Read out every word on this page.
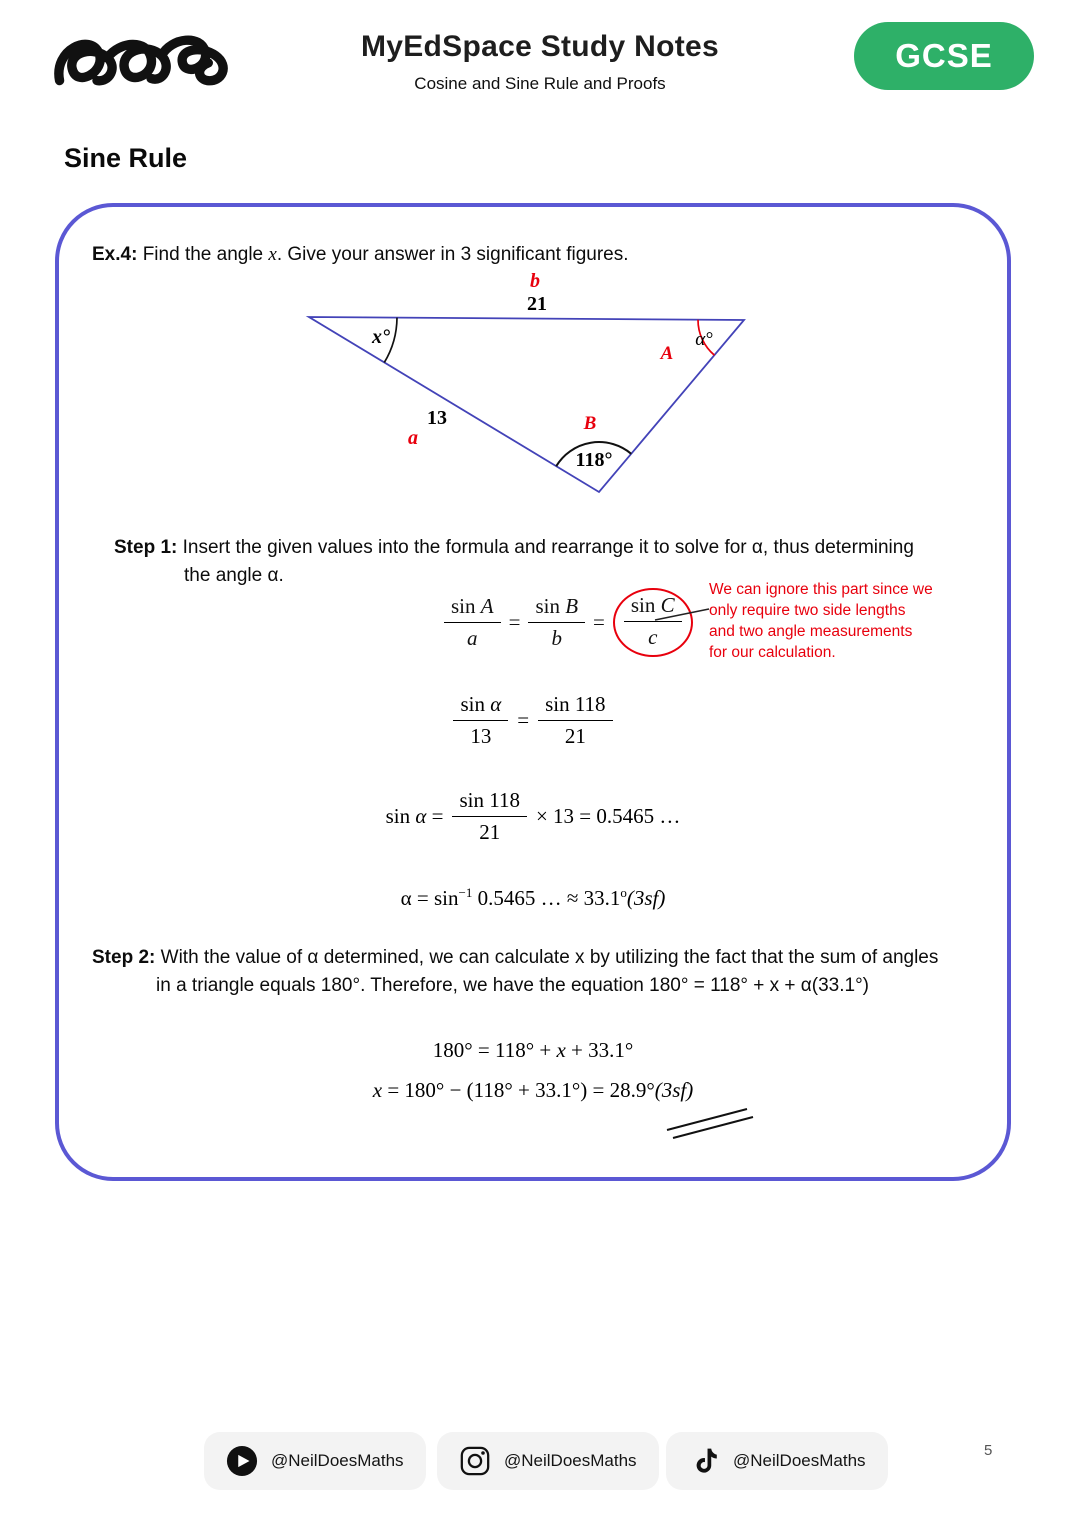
MyEdSpace Study Notes
Cosine and Sine Rule and Proofs
GCSE
Sine Rule

Ex.4: Find the angle x. Give your answer in 3 significant figures.

b
21
x°
A
α°
13
a
B
118°

Step 1: Insert the given values into the formula and rearrange it to solve for α, thus determining
the angle α.

$\frac{\text{sin A}}{a} = \frac{\text{sin B}}{b} = \frac{\text{sin C}}{c}$
We can ignore this part since we
only require two side lengths
and two angle measurements
for our calculation.
$\frac{\text{sin α}}{13} = \frac{\sin 118}{21}$
$\sin \alpha = \frac{\sin 118}{21} \times 13 = 0.5465$ …
$\alpha = \sin^{-1} 0.5465$ … ≈ $33.1^o(3sf)$

Step 2: With the value of α determined, we can calculate x by utilizing the fact that the sum of angles
in a triangle equals 180°. Therefore, we have the equation 180° = 118° + x + α(33.1°)

180° = 118° + x + 33.1°
x = 180° − (118° + 33.1°) = 28.9°(3sf)
@NeilDoesMaths	@NeilDoesMaths	@NeilDoesMaths
5
